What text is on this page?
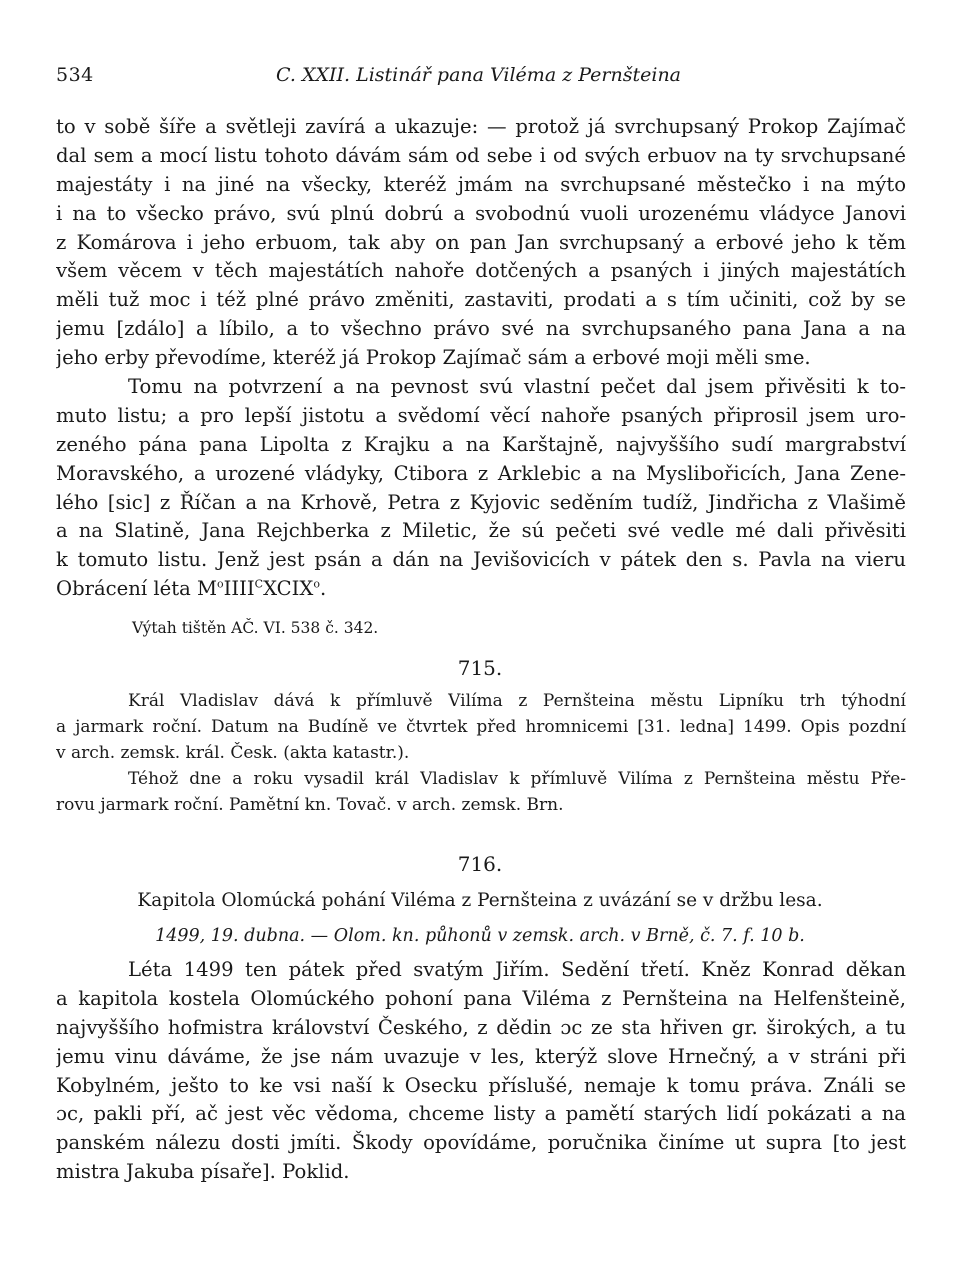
534	C. XXII. Listinář pana Viléma z Pernšteina
to v sobě šíře a světleji zavírá a ukazuje: — protož já svrchupsaný Prokop Zajímač
dal sem a mocí listu tohoto dávám sám od sebe i od svých erbuov na ty srvchupsané
majestáty i na jiné na všecky, kteréž jmám na svrchupsané městečko i na mýto
i na to všecko právo, svú plnú dobrú a svobodnú vuoli urozenému vládyce Janovi
z Komárova i jeho erbuom, tak aby on pan Jan svrchupsaný a erbové jeho k těm
všem věcem v těch majestátích nahoře dotčených a psaných i jiných majestátích
měli tuž moc i též plné právo změniti, zastaviti, prodati a s tím učiniti, což by se
jemu [zdálo] a líbilo, a to všechno právo své na svrchupsaného pana Jana a na
jeho erby převodíme, kteréž já Prokop Zajímač sám a erbové moji měli sme.
Tomu na potvrzení a na pevnost svú vlastní pečet dal jsem přivěsiti k to-
muto listu; a pro lepší jistotu a svědomí věcí nahoře psaných připrosil jsem uro-
zeného pána pana Lipolta z Krajku a na Karštajně, najvyššího sudí margrabství
Moravského, a urozené vládyky, Ctibora z Arklebic a na Myslibořicích, Jana Zene-
lého [sic] z Říčan a na Krhově, Petra z Kyjovic seděním tudíž, Jindřicha z Vlašimě
a na Slatině, Jana Rejchberka z Miletic, že sú pečeti své vedle mé dali přivěsiti
k tomuto listu. Jenž jest psán a dán na Jevišovicích v pátek den s. Pavla na vieru
Obrácení léta $M^oIIII^CXCIX^o$.
Výtah tištěn AČ. VI. 538 č. 342.
715.
Král Vladislav dává k přímluvě Vilíma z Pernšteina městu Lipníku trh týhodní
a jarmark roční. Datum na Budíně ve čtvrtek před hromnicemi [31. ledna] 1499. Opis pozdní
v arch. zemsk. král. Česk. (akta katastr.).
Téhož dne a roku vysadil král Vladislav k přímluvě Vilíma z Pernšteina městu Pře-
rovu jarmark roční. Pamětní kn. Tovač. v arch. zemsk. Brn.
716.
Kapitola Olomúcká pohání Viléma z Pernšteina z uvázání se v držbu lesa.
1499, 19. dubna. — Olom. kn. půhonů v zemsk. arch. v Brně, č. 7. f. 10 b.
Léta 1499 ten pátek před svatým Jiřím. Sedění třetí. Kněz Konrad děkan
a kapitola kostela Olomúckého pohoní pana Viléma z Pernšteina na Helfenšteině,
najvyššího hofmistra království Českého, z dědin ɔc ze sta hřiven gr. širokých, a tu
jemu vinu dáváme, že jse nám uvazuje v les, kterýž slove Hrnečný, a v stráni při
Kobylném, ješto to ke vsi naší k Osecku příslušé, nemaje k tomu práva. Ználi se
ɔc, pakli pří, ač jest věc vědoma, chceme listy a pamětí starých lidí pokázati a na
panském nálezu dosti jmíti. Škody opovídáme, poručnika činíme ut supra [to jest
mistra Jakuba písaře]. Poklid.
